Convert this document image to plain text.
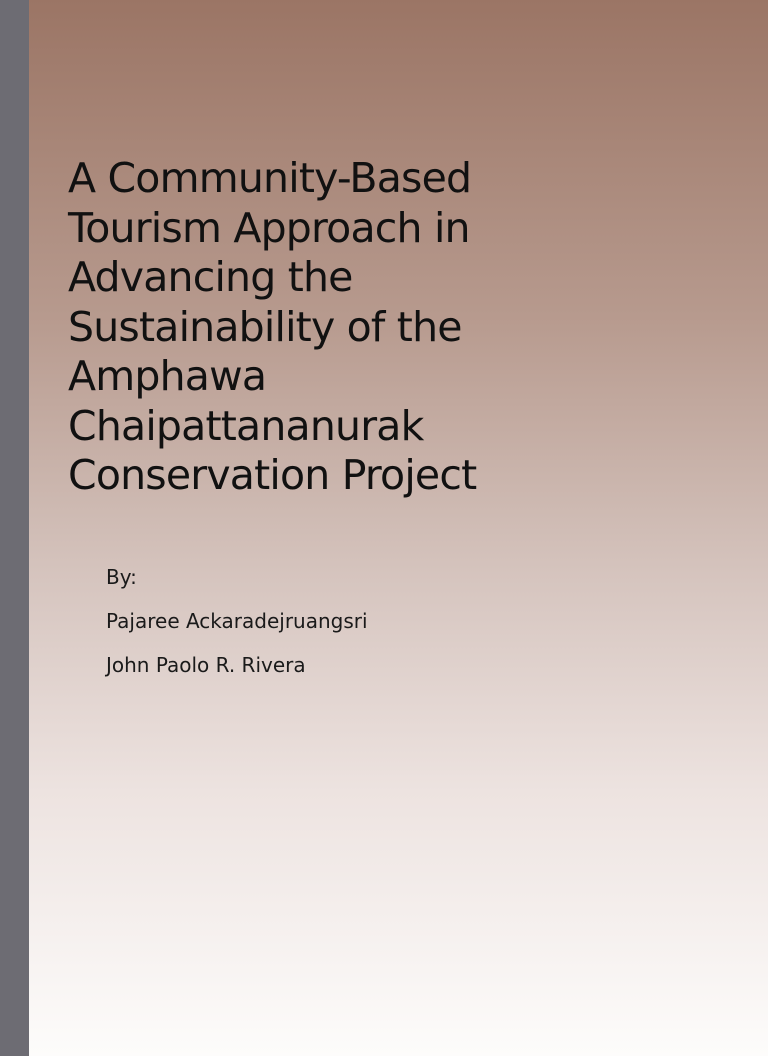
A Community-Based
Tourism Approach in
Advancing the
Sustainability of the
Amphawa
Chaipattananurak
Conservation Project
By:
Pajaree Ackaradejruangsri
John Paolo R. Rivera
